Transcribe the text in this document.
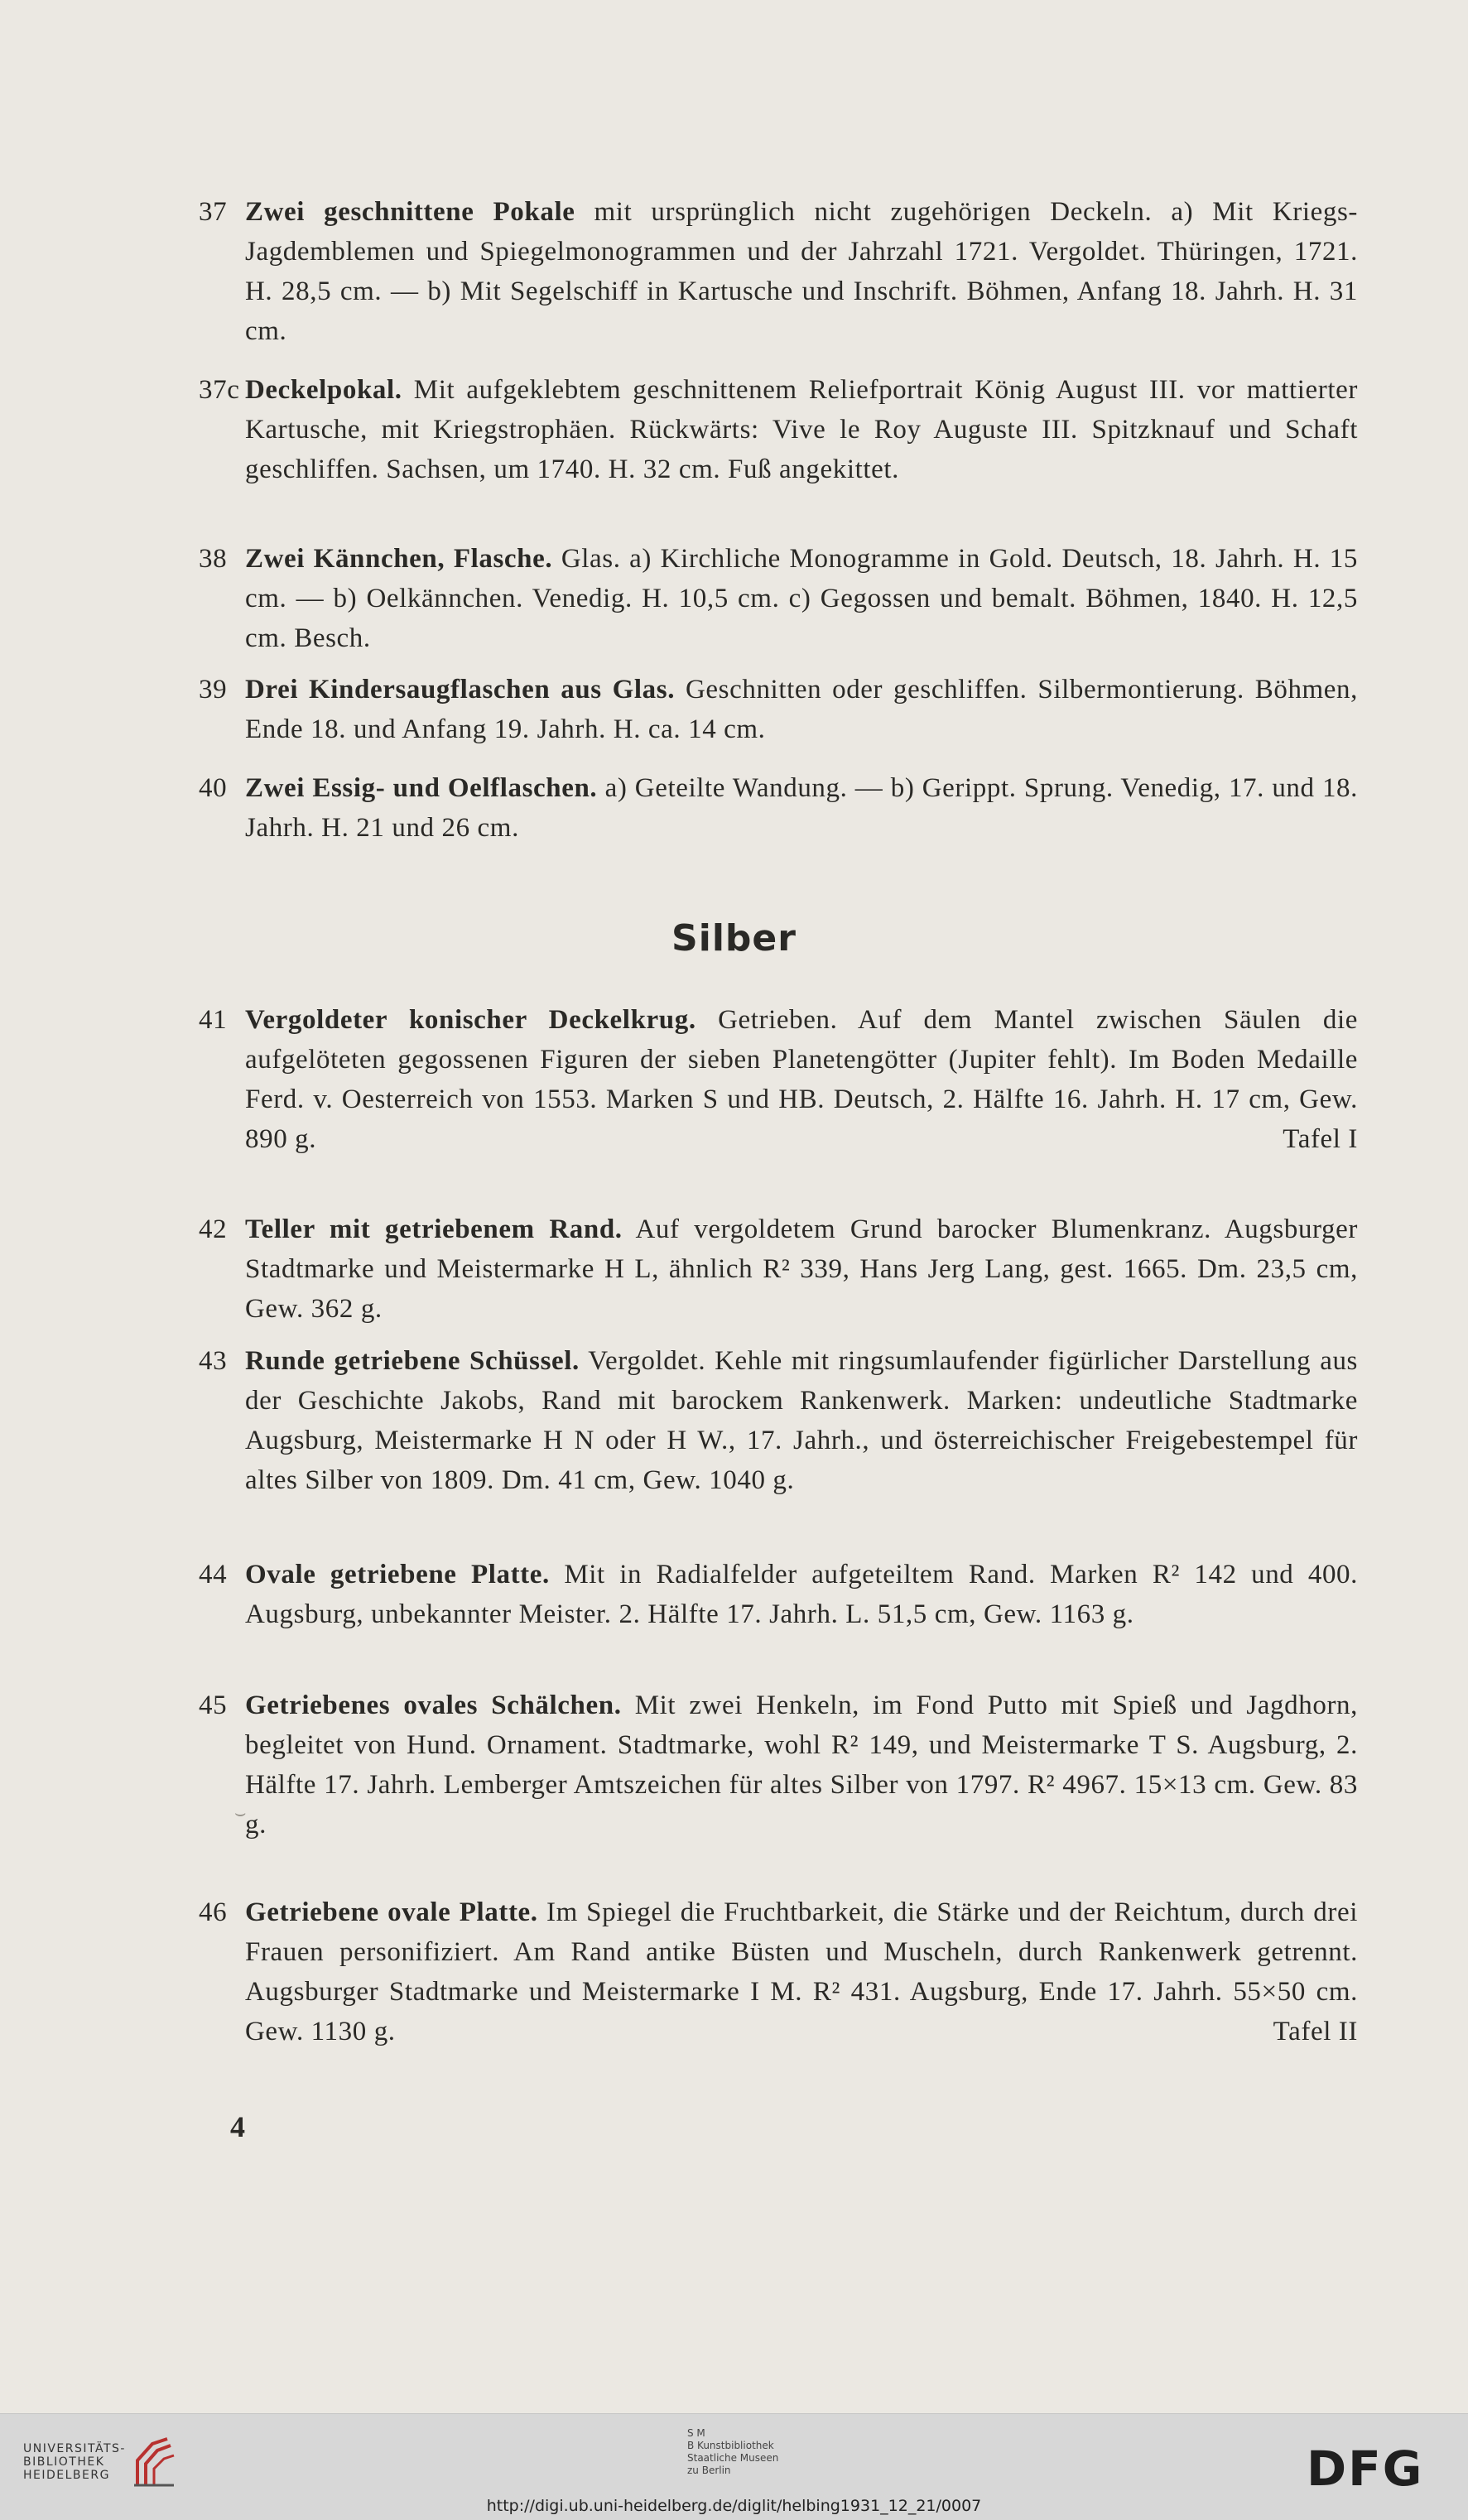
37 Zwei geschnittene Pokale mit ursprünglich nicht zugehörigen Deckeln. a) Mit Kriegs-Jagdemblemen und Spiegelmonogrammen und der Jahrzahl 1721. Vergoldet. Thüringen, 1721. H. 28,5 cm. — b) Mit Segelschiff in Kartusche und Inschrift. Böhmen, Anfang 18. Jahrh. H. 31 cm.
37c Deckelpokal. Mit aufgeklebtem geschnittenem Reliefportrait König August III. vor mattierter Kartusche, mit Kriegstrophäen. Rückwärts: Vive le Roy Auguste III. Spitzknauf und Schaft geschliffen. Sachsen, um 1740. H. 32 cm. Fuß angekittet.
38 Zwei Kännchen, Flasche. Glas. a) Kirchliche Monogramme in Gold. Deutsch, 18. Jahrh. H. 15 cm. — b) Oelkännchen. Venedig. H. 10,5 cm. c) Gegossen und bemalt. Böhmen, 1840. H. 12,5 cm. Besch.
39 Drei Kindersaugflaschen aus Glas. Geschnitten oder geschliffen. Silbermontierung. Böhmen, Ende 18. und Anfang 19. Jahrh. H. ca. 14 cm.
40 Zwei Essig- und Oelflaschen. a) Geteilte Wandung. — b) Gerippt. Sprung. Venedig, 17. und 18. Jahrh. H. 21 und 26 cm.
Silber
41 Vergoldeter konischer Deckelkrug. Getrieben. Auf dem Mantel zwischen Säulen die aufgelöteten gegossenen Figuren der sieben Planetengötter (Jupiter fehlt). Im Boden Medaille Ferd. v. Oesterreich von 1553. Marken S und HB. Deutsch, 2. Hälfte 16. Jahrh. H. 17 cm, Gew. 890 g.	Tafel I
42 Teller mit getriebenem Rand. Auf vergoldetem Grund barocker Blumenkranz. Augsburger Stadtmarke und Meistermarke H L, ähnlich R² 339, Hans Jerg Lang, gest. 1665. Dm. 23,5 cm, Gew. 362 g.
43 Runde getriebene Schüssel. Vergoldet. Kehle mit ringsumlaufender figürlicher Darstellung aus der Geschichte Jakobs, Rand mit barockem Rankenwerk. Marken: undeutliche Stadtmarke Augsburg, Meistermarke H N oder H W., 17. Jahrh., und österreichischer Freigebestempel für altes Silber von 1809. Dm. 41 cm, Gew. 1040 g.
44 Ovale getriebene Platte. Mit in Radialfelder aufgeteiltem Rand. Marken R² 142 und 400. Augsburg, unbekannter Meister. 2. Hälfte 17. Jahrh. L. 51,5 cm, Gew. 1163 g.
45 Getriebenes ovales Schälchen. Mit zwei Henkeln, im Fond Putto mit Spieß und Jagdhorn, begleitet von Hund. Ornament. Stadtmarke, wohl R² 149, und Meistermarke T S. Augsburg, 2. Hälfte 17. Jahrh. Lemberger Amtszeichen für altes Silber von 1797. R² 4967. 15×13 cm. Gew. 83 g.
46 Getriebene ovale Platte. Im Spiegel die Fruchtbarkeit, die Stärke und der Reichtum, durch drei Frauen personifiziert. Am Rand antike Büsten und Muscheln, durch Rankenwerk getrennt. Augsburger Stadtmarke und Meistermarke I M. R² 431. Augsburg, Ende 17. Jahrh. 55×50 cm. Gew. 1130 g.	Tafel II
⌣
4
UNIVERSITÄTS-
BIBLIOTHEK
HEIDELBERG
S M
B Kunstbibliothek
Staatliche Museen
zu Berlin	DFG
http://digi.ub.uni-heidelberg.de/diglit/helbing1931_12_21/0007
